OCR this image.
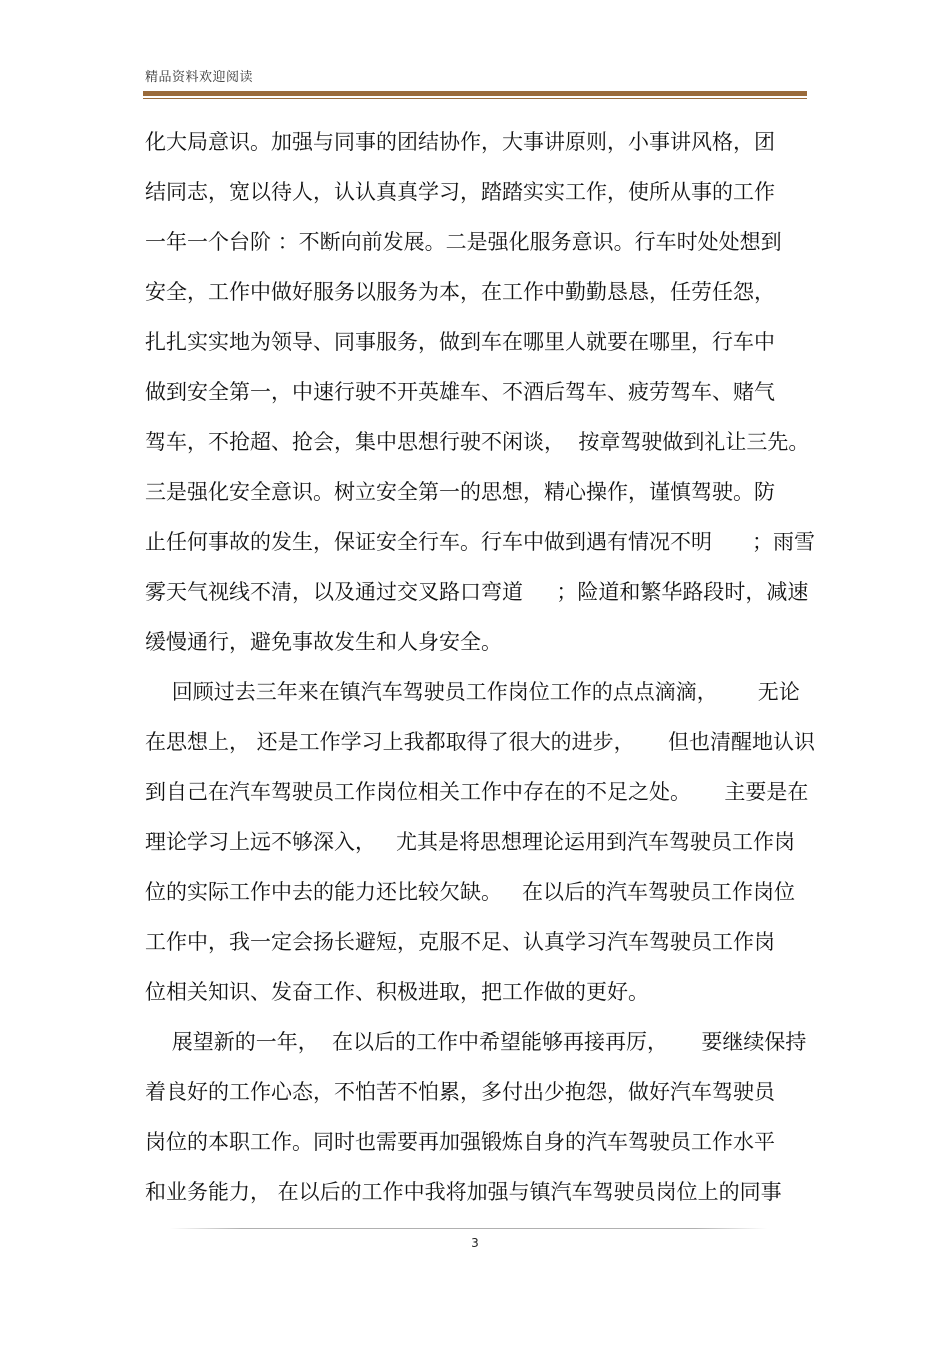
精品资料欢迎阅读
化大局意识。加强与同事的团结协作，大事讲原则，小事讲风格，团
结同志，宽以待人，认认真真学习，踏踏实实工作，使所从事的工作
一年一个台阶 ：不断向前发展。二是强化服务意识。行车时处处想到
安全，工作中做好服务以服务为本，在工作中勤勤恳恳，任劳任怨，
扎扎实实地为领导、同事服务，做到车在哪里人就要在哪里，行车中
做到安全第一，中速行驶不开英雄车、不酒后驾车、疲劳驾车、赌气
驾车，不抢超、抢会，集中思想行驶不闲谈，  按章驾驶做到礼让三先。
三是强化安全意识。树立安全第一的思想，精心操作，谨慎驾驶。防
止任何事故的发生，保证安全行车。行车中做到遇有情况不明      ；雨雪
雾天气视线不清，以及通过交叉路口弯道     ；险道和繁华路段时，减速
缓慢通行，避免事故发生和人身安全。
回顾过去三年来在镇汽车驾驶员工作岗位工作的点点滴滴，      无论
在思想上， 还是工作学习上我都取得了很大的进步，     但也清醒地认识
到自己在汽车驾驶员工作岗位相关工作中存在的不足之处。     主要是在
理论学习上远不够深入，   尤其是将思想理论运用到汽车驾驶员工作岗
位的实际工作中去的能力还比较欠缺。   在以后的汽车驾驶员工作岗位
工作中，我一定会扬长避短，克服不足、认真学习汽车驾驶员工作岗
位相关知识、发奋工作、积极进取，把工作做的更好。
展望新的一年，  在以后的工作中希望能够再接再厉，     要继续保持
着良好的工作心态，不怕苦不怕累，多付出少抱怨，做好汽车驾驶员
岗位的本职工作。同时也需要再加强锻炼自身的汽车驾驶员工作水平
和业务能力， 在以后的工作中我将加强与镇汽车驾驶员岗位上的同事
3
